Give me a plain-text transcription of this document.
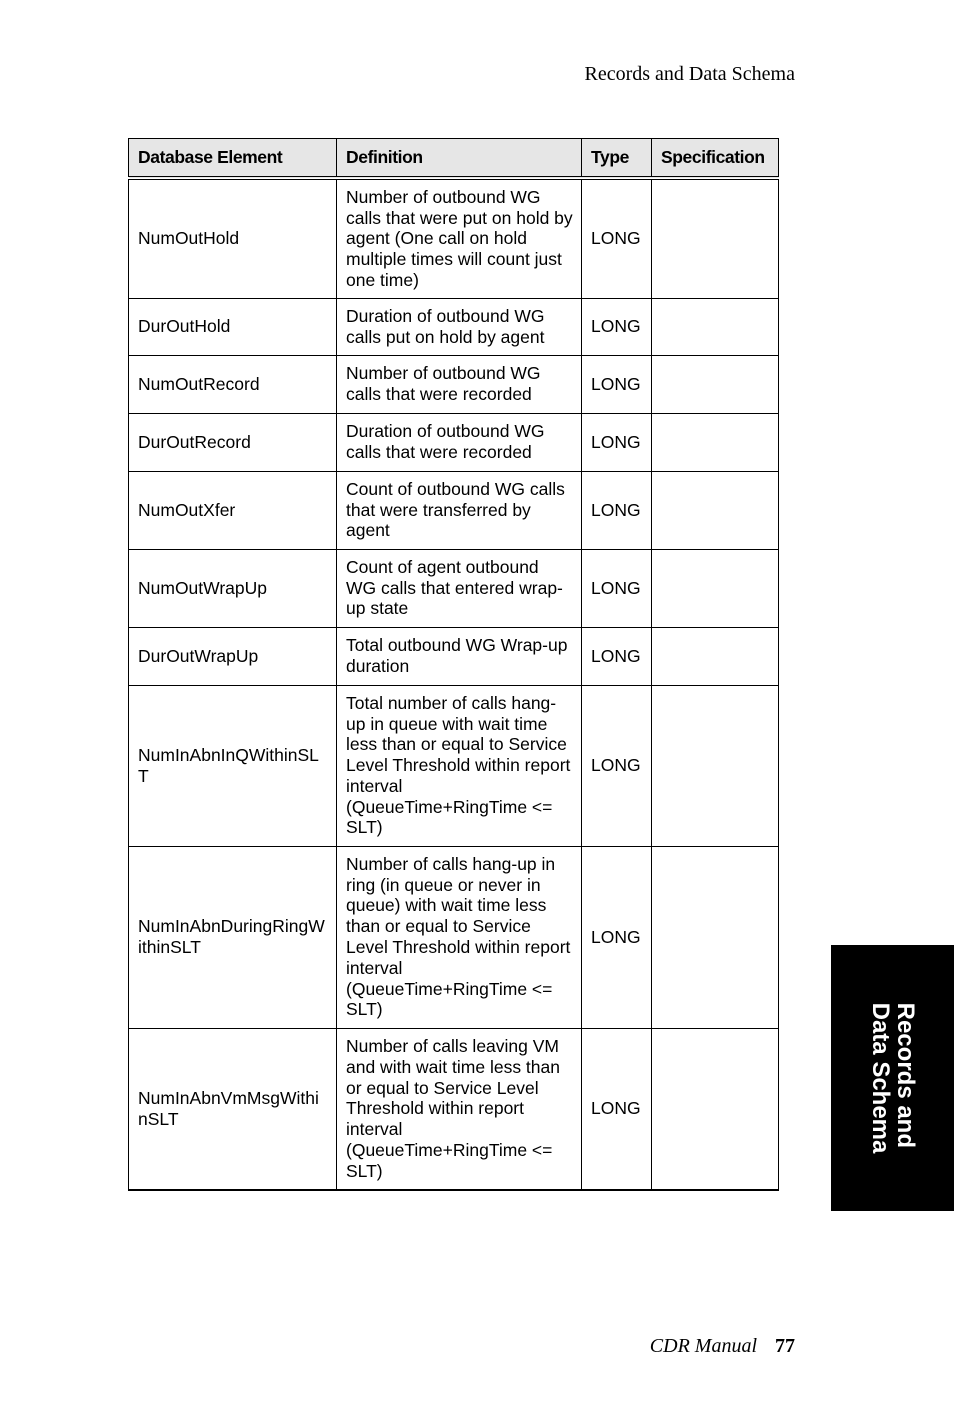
Records and Data Schema
Database Element	Definition	Type	Specification
NumOutHold	Number of outbound WG calls that were put on hold by agent (One call on hold multiple times will count just one time)	LONG	
DurOutHold	Duration of outbound WG calls put on hold by agent	LONG	
NumOutRecord	Number of outbound WG calls that were recorded	LONG	
DurOutRecord	Duration of outbound WG calls that were recorded	LONG	
NumOutXfer	Count of outbound WG calls that were transferred by agent	LONG	
NumOutWrapUp	Count of agent outbound WG calls that entered wrap-up state	LONG	
DurOutWrapUp	Total outbound WG Wrap-up duration	LONG	
NumInAbnInQWithinSLT	Total number of calls hang-up in queue with wait time less than or equal to Service Level Threshold within report interval (QueueTime+RingTime <= SLT)	LONG	
NumInAbnDuringRingWithinSLT	Number of calls hang-up in ring (in queue or never in queue) with wait time less than or equal to Service Level Threshold within report interval (QueueTime+RingTime <= SLT)	LONG	
NumInAbnVmMsgWithinSLT	Number of calls leaving VM and with wait time less than or equal to Service Level Threshold within report interval (QueueTime+RingTime <= SLT)	LONG		Records and
Data Schema
CDR Manual 77
